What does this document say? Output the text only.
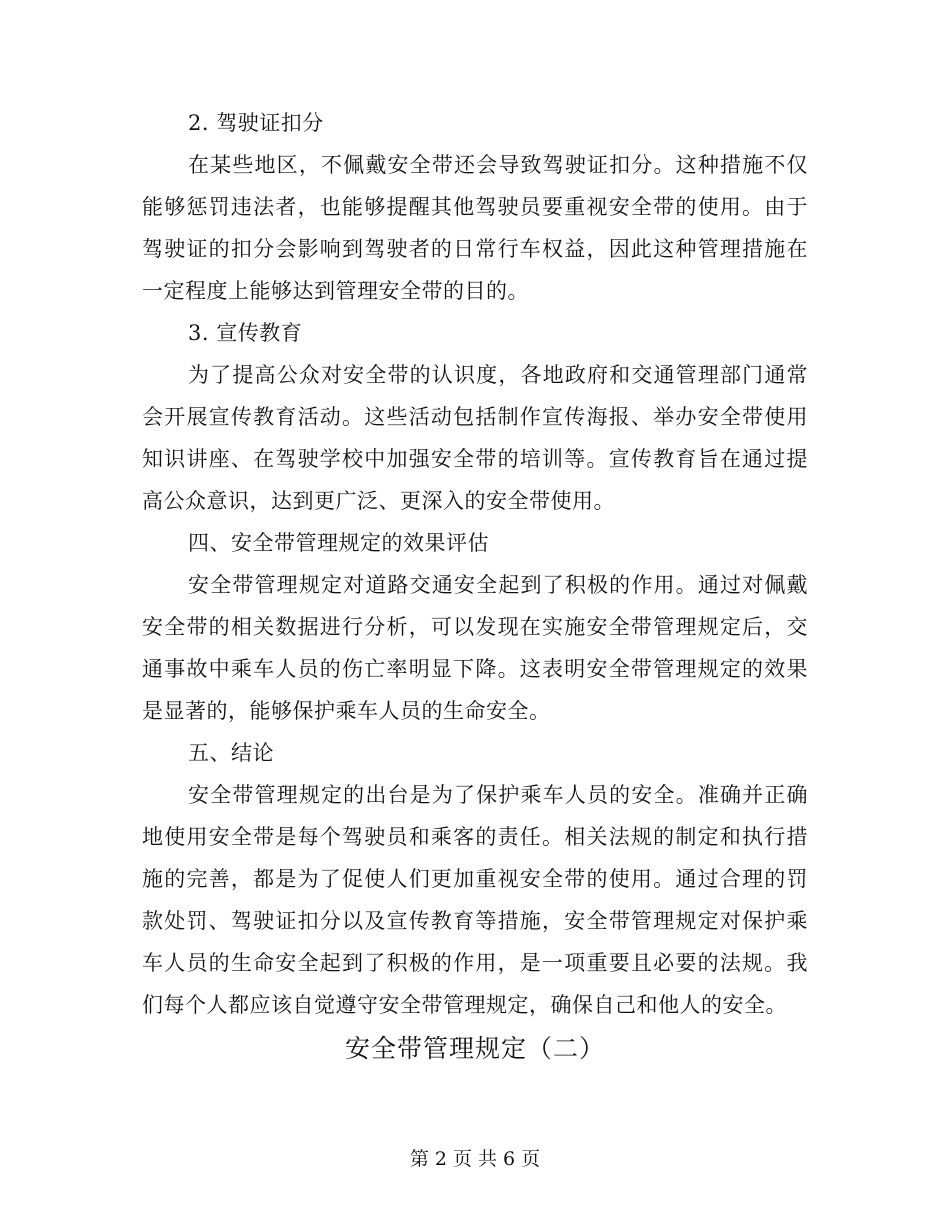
2. 驾驶证扣分

在某些地区，不佩戴安全带还会导致驾驶证扣分。这种措施不仅能够惩罚违法者，也能够提醒其他驾驶员要重视安全带的使用。由于驾驶证的扣分会影响到驾驶者的日常行车权益，因此这种管理措施在一定程度上能够达到管理安全带的目的。

3. 宣传教育

为了提高公众对安全带的认识度，各地政府和交通管理部门通常会开展宣传教育活动。这些活动包括制作宣传海报、举办安全带使用知识讲座、在驾驶学校中加强安全带的培训等。宣传教育旨在通过提高公众意识，达到更广泛、更深入的安全带使用。

四、安全带管理规定的效果评估

安全带管理规定对道路交通安全起到了积极的作用。通过对佩戴安全带的相关数据进行分析，可以发现在实施安全带管理规定后，交通事故中乘车人员的伤亡率明显下降。这表明安全带管理规定的效果是显著的，能够保护乘车人员的生命安全。

五、结论

安全带管理规定的出台是为了保护乘车人员的安全。准确并正确地使用安全带是每个驾驶员和乘客的责任。相关法规的制定和执行措施的完善，都是为了促使人们更加重视安全带的使用。通过合理的罚款处罚、驾驶证扣分以及宣传教育等措施，安全带管理规定对保护乘车人员的生命安全起到了积极的作用，是一项重要且必要的法规。我们每个人都应该自觉遵守安全带管理规定，确保自己和他人的安全。

安全带管理规定（二）

第 2 页 共 6 页
